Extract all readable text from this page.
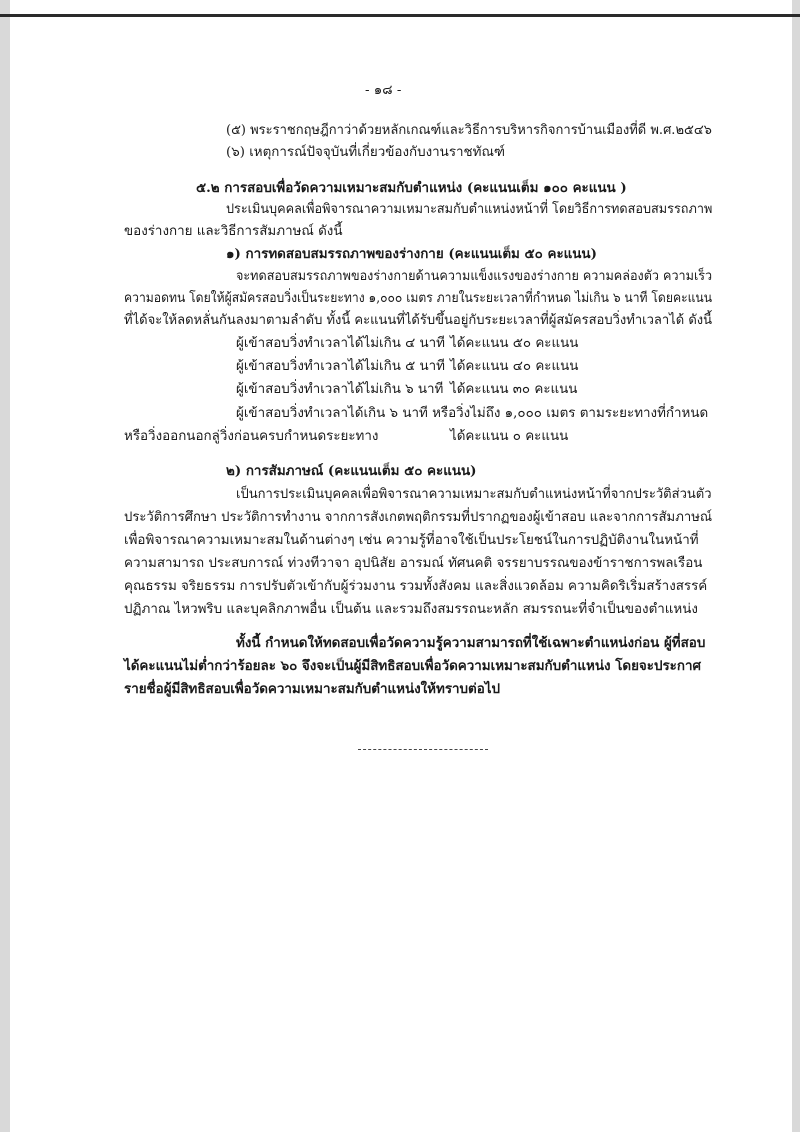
- ๑๘ -
(๕) พระราชกฤษฎีกาว่าด้วยหลักเกณฑ์และวิธีการบริหารกิจการบ้านเมืองที่ดี พ.ศ.๒๕๔๖
(๖) เหตุการณ์ปัจจุบันที่เกี่ยวข้องกับงานราชทัณฑ์
๕.๒ การสอบเพื่อวัดความเหมาะสมกับตำแหน่ง (คะแนนเต็ม ๑๐๐ คะแนน )
ประเมินบุคคลเพื่อพิจารณาความเหมาะสมกับตำแหน่งหน้าที่ โดยวิธีการทดสอบสมรรถภาพ
ของร่างกาย และวิธีการสัมภาษณ์ ดังนี้
๑) การทดสอบสมรรถภาพของร่างกาย (คะแนนเต็ม ๕๐ คะแนน)
จะทดสอบสมรรถภาพของร่างกายด้านความแข็งแรงของร่างกาย ความคล่องตัว ความเร็ว
ความอดทน โดยให้ผู้สมัครสอบวิ่งเป็นระยะทาง ๑,๐๐๐ เมตร ภายในระยะเวลาที่กำหนด ไม่เกิน ๖ นาที โดยคะแนน
ที่ได้จะให้ลดหลั่นกันลงมาตามลำดับ ทั้งนี้ คะแนนที่ได้รับขึ้นอยู่กับระยะเวลาที่ผู้สมัครสอบวิ่งทำเวลาได้ ดังนี้
ผู้เข้าสอบวิ่งทำเวลาได้ไม่เกิน ๔ นาที ได้คะแนน ๕๐ คะแนน
ผู้เข้าสอบวิ่งทำเวลาได้ไม่เกิน ๕ นาที ได้คะแนน ๔๐ คะแนน
ผู้เข้าสอบวิ่งทำเวลาได้ไม่เกิน ๖ นาที ได้คะแนน ๓๐ คะแนน
ผู้เข้าสอบวิ่งทำเวลาได้เกิน ๖ นาที หรือวิ่งไม่ถึง ๑,๐๐๐ เมตร ตามระยะทางที่กำหนด
หรือวิ่งออกนอกลู่วิ่งก่อนครบกำหนดระยะทาง	ได้คะแนน ๐ คะแนน
๒) การสัมภาษณ์ (คะแนนเต็ม ๕๐ คะแนน)
เป็นการประเมินบุคคลเพื่อพิจารณาความเหมาะสมกับตำแหน่งหน้าที่จากประวัติส่วนตัว
ประวัติการศึกษา ประวัติการทำงาน จากการสังเกตพฤติกรรมที่ปรากฏของผู้เข้าสอบ และจากการสัมภาษณ์
เพื่อพิจารณาความเหมาะสมในด้านต่างๆ เช่น ความรู้ที่อาจใช้เป็นประโยชน์ในการปฏิบัติงานในหน้าที่
ความสามารถ ประสบการณ์ ท่วงทีวาจา อุปนิสัย อารมณ์ ทัศนคติ จรรยาบรรณของข้าราชการพลเรือน
คุณธรรม จริยธรรม การปรับตัวเข้ากับผู้ร่วมงาน รวมทั้งสังคม และสิ่งแวดล้อม ความคิดริเริ่มสร้างสรรค์
ปฏิภาณ ไหวพริบ และบุคลิกภาพอื่น เป็นต้น และรวมถึงสมรรถนะหลัก สมรรถนะที่จำเป็นของตำแหน่ง
ทั้งนี้ กำหนดให้ทดสอบเพื่อวัดความรู้ความสามารถที่ใช้เฉพาะตำแหน่งก่อน ผู้ที่สอบ
ได้คะแนนไม่ต่ำกว่าร้อยละ ๖๐ จึงจะเป็นผู้มีสิทธิสอบเพื่อวัดความเหมาะสมกับตำแหน่ง โดยจะประกาศ
รายชื่อผู้มีสิทธิสอบเพื่อวัดความเหมาะสมกับตำแหน่งให้ทราบต่อไป
